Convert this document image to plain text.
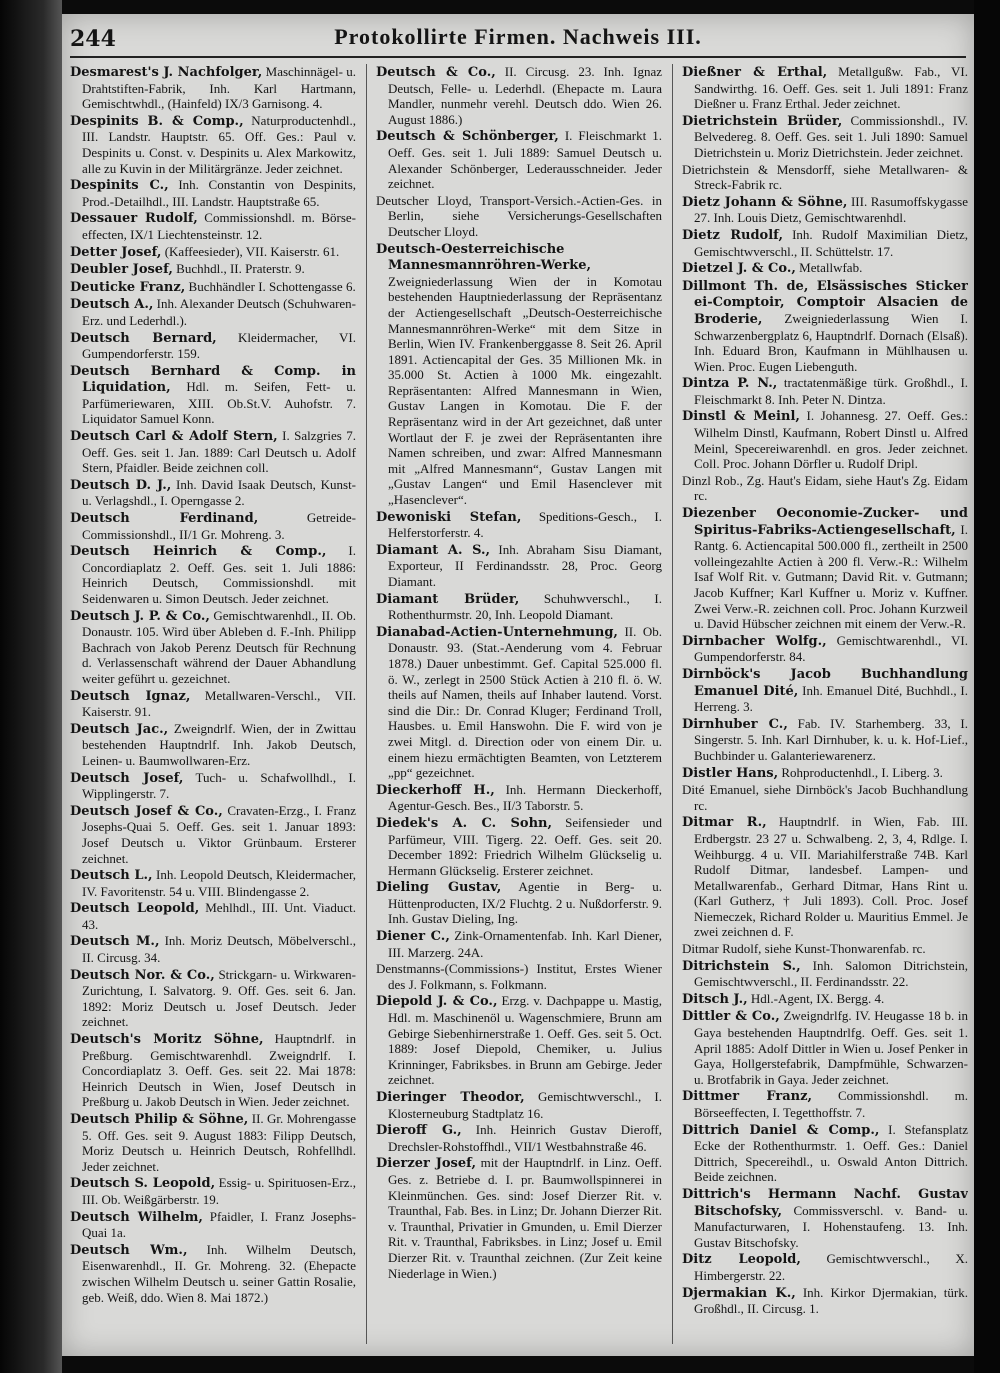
244	Protokollirte Firmen. Nachweis III.
Desmarest's J. Nachfolger, Maschinnägel- u. Drahtstiften-Fabrik, Inh. Karl Hartmann, Gemischtwhdl., (Hainfeld) IX/3 Garnisong. 4.
Despinits B. & Comp., Naturproductenhdl., III. Landstr. Hauptstr. 65. Off. Ges.: Paul v. Despinits u. Const. v. Despinits u. Alex Markowitz, alle zu Kuvin in der Militärgränze. Jeder zeichnet.
Despinits C., Inh. Constantin von Despinits, Prod.-Detailhdl., III. Landstr. Hauptstraße 65.
Dessauer Rudolf, Commissionshdl. m. Börse-effecten, IX/1 Liechtensteinstr. 12.
Detter Josef, (Kaffeesieder), VII. Kaiserstr. 61.
Deubler Josef, Buchhdl., II. Praterstr. 9.
Deuticke Franz, Buchhändler I. Schottengasse 6.
Deutsch A., Inh. Alexander Deutsch (Schuhwaren-Erz. und Lederhdl.).
Deutsch Bernard, Kleidermacher, VI. Gumpendorferstr. 159.
Deutsch Bernhard & Comp. in Liquidation, Hdl. m. Seifen, Fett- u. Parfümeriewaren, XIII. Ob.St.V. Auhofstr. 7. Liquidator Samuel Konn.
Deutsch Carl & Adolf Stern, I. Salzgries 7. Oeff. Ges. seit 1. Jan. 1889: Carl Deutsch u. Adolf Stern, Pfaidler. Beide zeichnen coll.
Deutsch D. J., Inh. David Isaak Deutsch, Kunst- u. Verlagshdl., I. Operngasse 2.
Deutsch Ferdinand,	Getreide-Commissionshdl., II/1 Gr. Mohreng. 3.
Deutsch Heinrich & Comp., I. Concordiaplatz 2. Oeff. Ges. seit 1. Juli 1886: Heinrich Deutsch, Commissionshdl. mit Seidenwaren u. Simon Deutsch. Jeder zeichnet.
Deutsch J. P. & Co., Gemischtwarenhdl., II. Ob. Donaustr. 105. Wird über Ableben d. F.-Inh. Philipp Bachrach von Jakob Perenz Deutsch für Rechnung d. Verlassenschaft während der Dauer Abhandlung weiter geführt u. gezeichnet.
Deutsch Ignaz, Metallwaren-Verschl., VII. Kaiserstr. 91.
Deutsch Jac., Zweigndrlf. Wien, der in Zwittau bestehenden Hauptndrlf. Inh. Jakob Deutsch, Leinen- u. Baumwollwaren-Erz.
Deutsch Josef, Tuch- u. Schafwollhdl., I. Wipplingerstr. 7.
Deutsch Josef & Co., Cravaten-Erzg., I. Franz Josephs-Quai 5. Oeff. Ges. seit 1. Januar 1893: Josef Deutsch u. Viktor Grünbaum. Ersterer zeichnet.
Deutsch L., Inh. Leopold Deutsch, Kleidermacher, IV. Favoritenstr. 54 u. VIII. Blindengasse 2.
Deutsch Leopold, Mehlhdl., III. Unt. Viaduct. 43.
Deutsch M., Inh. Moriz Deutsch, Möbelverschl., II. Circusg. 34.
Deutsch Nor. & Co., Strickgarn- u. Wirkwaren-Zurichtung, I. Salvatorg. 9. Off. Ges. seit 6. Jan. 1892: Moriz Deutsch u. Josef Deutsch. Jeder zeichnet.
Deutsch's Moritz Söhne, Hauptndrlf. in Preßburg. Gemischtwarenhdl. Zweigndrlf. I. Concordiaplatz 3. Oeff. Ges. seit 22. Mai 1878: Heinrich Deutsch in Wien, Josef Deutsch in Preßburg u. Jakob Deutsch in Wien. Jeder zeichnet.
Deutsch Philip & Söhne, II. Gr. Mohrengasse 5. Off. Ges. seit 9. August 1883: Filipp Deutsch, Moriz Deutsch u. Heinrich Deutsch, Rohfellhdl. Jeder zeichnet.
Deutsch S. Leopold, Essig- u. Spirituosen-Erz., III. Ob. Weißgärberstr. 19.
Deutsch Wilhelm, Pfaidler, I. Franz Josephs-Quai 1a.
Deutsch Wm., Inh. Wilhelm Deutsch, Eisenwarenhdl., II. Gr. Mohreng. 32. (Ehepacte zwischen Wilhelm Deutsch u. seiner Gattin Rosalie, geb. Weiß, ddo. Wien 8. Mai 1872.)
Deutsch & Co., II. Circusg. 23. Inh. Ignaz Deutsch, Felle- u. Lederhdl. (Ehepacte m. Laura Mandler, nunmehr verehl. Deutsch ddo. Wien 26. August 1886.)
Deutsch & Schönberger, I. Fleischmarkt 1. Oeff. Ges. seit 1. Juli 1889: Samuel Deutsch u. Alexander Schönberger, Lederausschneider. Jeder zeichnet.
Deutscher Lloyd, Transport-Versich.-Actien-Ges. in Berlin, siehe Versicherungs-Gesellschaften Deutscher Lloyd.
Deutsch-Oesterreichische Mannesmannröhren-Werke, Zweigniederlassung Wien der in Komotau bestehenden Hauptniederlassung der Repräsentanz der Actiengesellschaft „Deutsch-Oesterreichische Mannesmannröhren-Werke“ mit dem Sitze in Berlin, Wien IV. Frankenberggasse 8. Seit 26. April 1891. Actiencapital der Ges. 35 Millionen Mk. in 35.000 St. Actien à 1000 Mk. eingezahlt. Repräsentanten: Alfred Mannesmann in Wien, Gustav Langen in Komotau. Die F. der Repräsentanz wird in der Art gezeichnet, daß unter Wortlaut der F. je zwei der Repräsentanten ihre Namen schreiben, und zwar: Alfred Mannesmann mit „Alfred Mannesmann“, Gustav Langen mit „Gustav Langen“ und Emil Hasenclever mit „Hasenclever“.
Dewoniski Stefan, Speditions-Gesch., I. Helferstorferstr. 4.
Diamant A. S., Inh. Abraham Sisu Diamant, Exporteur, II Ferdinandsstr. 28, Proc. Georg Diamant.
Diamant Brüder, Schuhwverschl., I. Rothenthurmstr. 20, Inh. Leopold Diamant.
Dianabad-Actien-Unternehmung, II. Ob. Donaustr. 93. (Stat.-Aenderung vom 4. Februar 1878.) Dauer unbestimmt. Gef. Capital 525.000 fl. ö. W., zerlegt in 2500 Stück Actien à 210 fl. ö. W. theils auf Namen, theils auf Inhaber lautend. Vorst. sind die Dir.: Dr. Conrad Kluger; Ferdinand Troll, Hausbes. u. Emil Hanswohn. Die F. wird von je zwei Mitgl. d. Direction oder von einem Dir. u. einem hiezu ermächtigten Beamten, von Letzterem „pp“ gezeichnet.
Dieckerhoff H., Inh. Hermann Dieckerhoff, Agentur-Gesch. Bes., II/3 Taborstr. 5.
Diedek's A. C. Sohn, Seifensieder und Parfümeur, VIII. Tigerg. 22. Oeff. Ges. seit 20. December 1892: Friedrich Wilhelm Glückselig u. Hermann Glückselig. Ersterer zeichnet.
Dieling Gustav, Agentie in Berg- u. Hüttenproducten, IX/2 Fluchtg. 2 u. Nußdorferstr. 9. Inh. Gustav Dieling, Ing.
Diener C., Zink-Ornamentenfab. Inh. Karl Diener, III. Marzerg. 24A.
Denstmanns-(Commissions-) Institut, Erstes Wiener des J. Folkmann, s. Folkmann.
Diepold J. & Co., Erzg. v. Dachpappe u. Mastig, Hdl. m. Maschinenöl u. Wagenschmiere, Brunn am Gebirge Siebenhirnerstraße 1. Oeff. Ges. seit 5. Oct. 1889: Josef Diepold, Chemiker, u. Julius Krinninger, Fabriksbes. in Brunn am Gebirge. Jeder zeichnet.
Dieringer Theodor, Gemischtwverschl., I. Klosterneuburg Stadtplatz 16.
Dieroff G., Inh. Heinrich Gustav Dieroff, Drechsler-Rohstoffhdl., VII/1 Westbahnstraße 46.
Dierzer Josef, mit der Hauptndrlf. in Linz. Oeff. Ges. z. Betriebe d. I. pr. Baumwollspinnerei in Kleinmünchen. Ges. sind: Josef Dierzer Rit. v. Traunthal, Fab. Bes. in Linz; Dr. Johann Dierzer Rit. v. Traunthal, Privatier in Gmunden, u. Emil Dierzer Rit. v. Traunthal, Fabriksbes. in Linz; Josef u. Emil Dierzer Rit. v. Traunthal zeichnen. (Zur Zeit keine Niederlage in Wien.)
Dießner & Erthal, Metallgußw. Fab., VI. Sandwirthg. 16. Oeff. Ges. seit 1. Juli 1891: Franz Dießner u. Franz Erthal. Jeder zeichnet.
Dietrichstein Brüder, Commissionshdl., IV. Belvedereg. 8. Oeff. Ges. seit 1. Juli 1890: Samuel Dietrichstein u. Moriz Dietrichstein. Jeder zeichnet.
Dietrichstein & Mensdorff, siehe Metallwaren- & Streck-Fabrik rc.
Dietz Johann & Söhne, III. Rasumoffskygasse 27. Inh. Louis Dietz, Gemischtwarenhdl.
Dietz Rudolf, Inh. Rudolf Maximilian Dietz, Gemischtwverschl., II. Schüttelstr. 17.
Dietzel J. & Co., Metallwfab.
Dillmont Th. de, Elsässisches Sticker ei-Comptoir, Comptoir Alsacien de Broderie, Zweigniederlassung Wien I. Schwarzenbergplatz 6, Hauptndrlf. Dornach (Elsaß). Inh. Eduard Bron, Kaufmann in Mühlhausen u. Wien. Proc. Eugen Liebenguth.
Dintza P. N., tractatenmäßige türk. Großhdl., I. Fleischmarkt 8. Inh. Peter N. Dintza.
Dinstl & Meinl, I. Johannesg. 27. Oeff. Ges.: Wilhelm Dinstl, Kaufmann, Robert Dinstl u. Alfred Meinl, Specereiwarenhdl. en gros. Jeder zeichnet. Coll. Proc. Johann Dörfler u. Rudolf Dripl.
Dinzl Rob., Zg. Haut's Eidam, siehe Haut's Zg. Eidam rc.
Diezenber Oeconomie-Zucker- und Spiritus-Fabriks-Actiengesellschaft, I. Rantg. 6. Actiencapital 500.000 fl., zertheilt in 2500 volleingezahlte Actien à 200 fl. Verw.-R.: Wilhelm Isaf Wolf Rit. v. Gutmann; David Rit. v. Gutmann; Jacob Kuffner; Karl Kuffner u. Moriz v. Kuffner. Zwei Verw.-R. zeichnen coll. Proc. Johann Kurzweil u. David Hübscher zeichnen mit einem der Verw.-R.
Dirnbacher Wolfg., Gemischtwarenhdl., VI. Gumpendorferstr. 84.
Dirnböck's Jacob Buchhandlung Emanuel Dité, Inh. Emanuel Dité, Buchhdl., I. Herreng. 3.
Dirnhuber C., Fab. IV. Starhemberg. 33, I. Singerstr. 5. Inh. Karl Dirnhuber, k. u. k. Hof-Lief., Buchbinder u. Galanteriewarenerz.
Distler Hans, Rohproductenhdl., I. Liberg. 3.
Dité Emanuel, siehe Dirnböck's Jacob Buchhandlung rc.
Ditmar R., Hauptndrlf. in Wien, Fab. III. Erdbergstr. 23 27 u. Schwalbeng. 2, 3, 4, Rdlge. I. Weihburgg. 4 u. VII. Mariahilferstraße 74B. Karl Rudolf Ditmar, landesbef. Lampen- und Metallwarenfab., Gerhard Ditmar, Hans Rint u. (Karl Gutherz, † Juli 1893). Coll. Proc. Josef Niemeczek, Richard Rolder u. Mauritius Emmel. Je zwei zeichnen d. F.
Ditmar Rudolf, siehe Kunst-Thonwarenfab. rc.
Ditrichstein S., Inh. Salomon Ditrichstein, Gemischtwverschl., II. Ferdinandsstr. 22.
Ditsch J., Hdl.-Agent, IX. Bergg. 4.
Dittler & Co., Zweigndrlfg. IV. Heugasse 18 b. in Gaya bestehenden Hauptndrlfg. Oeff. Ges. seit 1. April 1885: Adolf Dittler in Wien u. Josef Penker in Gaya, Hollgerstefabrik, Dampfmühle, Schwarzen- u. Brotfabrik in Gaya. Jeder zeichnet.
Dittmer Franz, Commissionshdl. m. Börseeffecten, I. Tegetthoffstr. 7.
Dittrich Daniel & Comp., I. Stefansplatz Ecke der Rothenthurmstr. 1. Oeff. Ges.: Daniel Dittrich, Specereihdl., u. Oswald Anton Dittrich. Beide zeichnen.
Dittrich's Hermann Nachf. Gustav Bitschofsky, Commissverschl. v. Band- u. Manufacturwaren, I. Hohenstaufeng. 13. Inh. Gustav Bitschofsky.
Ditz Leopold, Gemischtwverschl., X. Himbergerstr. 22.
Djermakian K., Inh. Kirkor Djermakian, türk. Großhdl., II. Circusg. 1.
